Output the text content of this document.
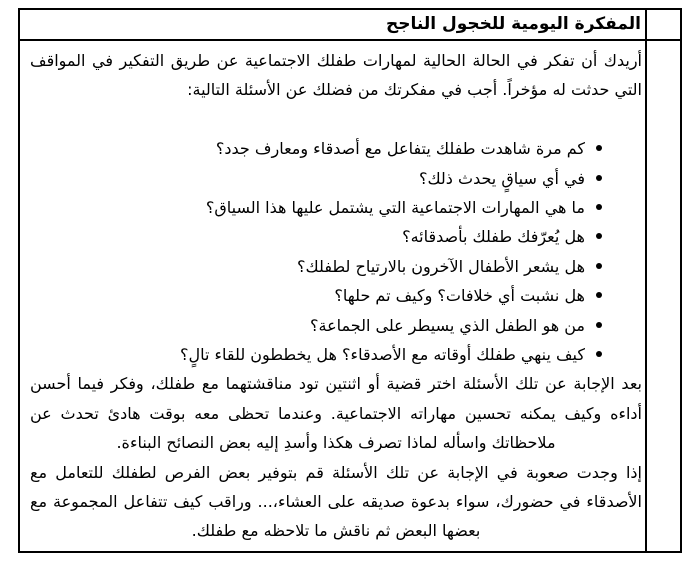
المفكرة اليومية للخجول الناجح

أريدك أن تفكر في الحالة الحالية لمهارات طفلك الاجتماعية عن طريق التفكير في المواقف التي حدثت له مؤخراً. أجب في مفكرتك من فضلك عن الأسئلة التالية:

كم مرة شاهدت طفلك يتفاعل مع أصدقاء ومعارف جدد؟
في أي سياقٍ يحدث ذلك؟
ما هي المهارات الاجتماعية التي يشتمل عليها هذا السياق؟
هل يُعرّفك طفلك بأصدقائه؟
هل يشعر الأطفال الآخرون بالارتياح لطفلك؟
هل نشبت أي خلافات؟ وكيف تم حلها؟
من هو الطفل الذي يسيطر على الجماعة؟
كيف ينهي طفلك أوقاته مع الأصدقاء؟ هل يخططون للقاء تالٍ؟

بعد الإجابة عن تلك الأسئلة اختر قضية أو اثنتين تود مناقشتهما مع طفلك، وفكر فيما أحسن أداءه وكيف يمكنه تحسين مهاراته الاجتماعية. وعندما تحظى معه بوقت هادئ تحدث عن ملاحظاتك واسأله لماذا تصرف هكذا وأسدِ إليه بعض النصائح البناءة.

إذا وجدت صعوبة في الإجابة عن تلك الأسئلة قم بتوفير بعض الفرص لطفلك للتعامل مع الأصدقاء في حضورك، سواء بدعوة صديقه على العشاء،... وراقب كيف تتفاعل المجموعة مع بعضها البعض ثم ناقش ما تلاحظه مع طفلك.
